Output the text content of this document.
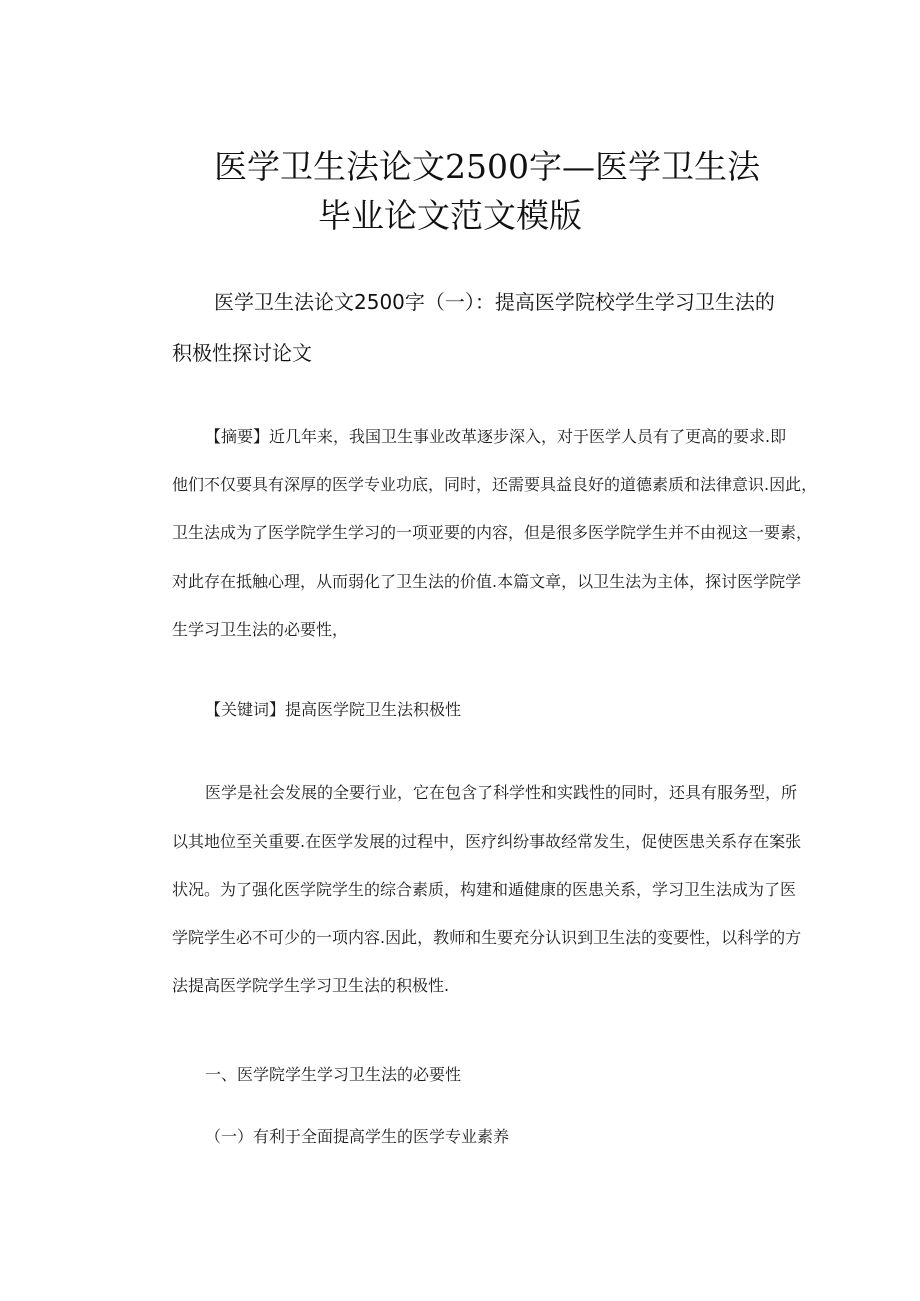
医学卫生法论文2500字—医学卫生法
毕业论文范文模版
医学卫生法论文2500字（一）：提高医学院校学生学习卫生法的
积极性探讨论文
【摘要】近几年来，我国卫生事业改革逐步深入，对于医学人员有了更高的要求.即
他们不仅要具有深厚的医学专业功底，同时，还需要具益良好的道德素质和法律意识.因此，
卫生法成为了医学院学生学习的一项亚要的内容，但是很多医学院学生并不由视这一要素，
对此存在抵触心理，从而弱化了卫生法的价值.本篇文章，以卫生法为主体，探讨医学院学
生学习卫生法的必要性，
【关键词】提高医学院卫生法积极性
医学是社会发展的全要行业，它在包含了科学性和实践性的同时，还具有服务型，所
以其地位至关重要.在医学发展的过程中，医疗纠纷事故经常发生，促使医患关系存在案张
状况。为了强化医学院学生的综合素质，构建和遁健康的医患关系，学习卫生法成为了医
学院学生必不可少的一项内容.因此，教师和生要充分认识到卫生法的变要性，以科学的方
法提高医学院学生学习卫生法的积极性.
一、医学院学生学习卫生法的必要性
（一）有利于全面提高学生的医学专业素养
